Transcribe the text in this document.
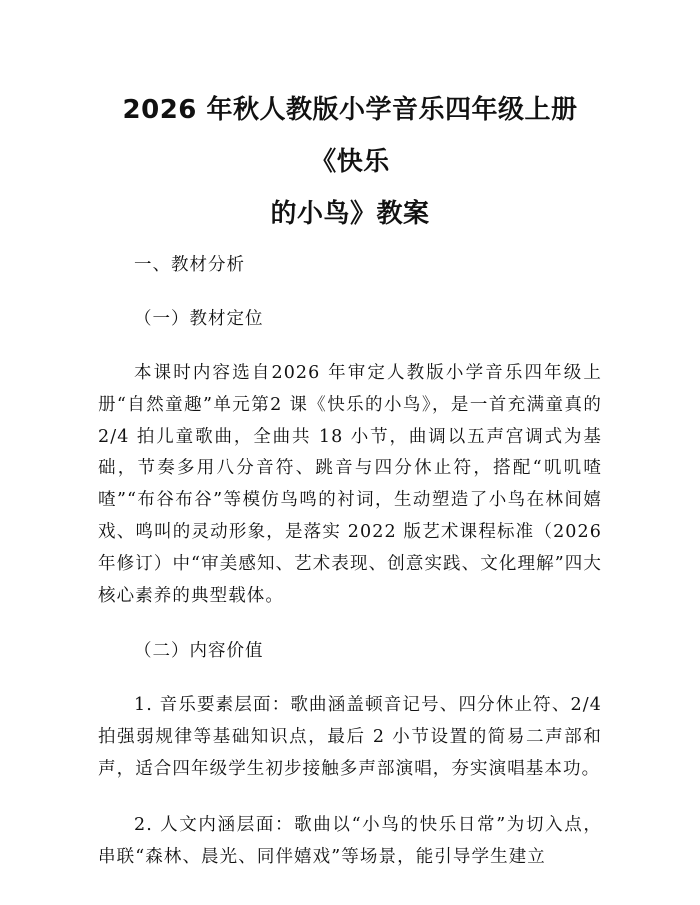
2026 年秋人教版小学音乐四年级上册《快乐
的小鸟》教案

一、教材分析

（一）教材定位

本课时内容选自2026 年审定人教版小学音乐四年级上册“自然童趣”单元第2 课《快乐的小鸟》，是一首充满童真的2/4 拍儿童歌曲，全曲共 18 小节，曲调以五声宫调式为基础，节奏多用八分音符、跳音与四分休止符，搭配“叽叽喳喳”“布谷布谷”等模仿鸟鸣的衬词，生动塑造了小鸟在林间嬉戏、鸣叫的灵动形象，是落实 2022 版艺术课程标准（2026 年修订）中“审美感知、艺术表现、创意实践、文化理解”四大核心素养的典型载体。

（二）内容价值

1. 音乐要素层面：歌曲涵盖顿音记号、四分休止符、2/4 拍强弱规律等基础知识点，最后 2 小节设置的简易二声部和声，适合四年级学生初步接触多声部演唱，夯实演唱基本功。

2. 人文内涵层面：歌曲以“小鸟的快乐日常”为切入点，串联“森林、晨光、同伴嬉戏”等场景，能引导学生建立
